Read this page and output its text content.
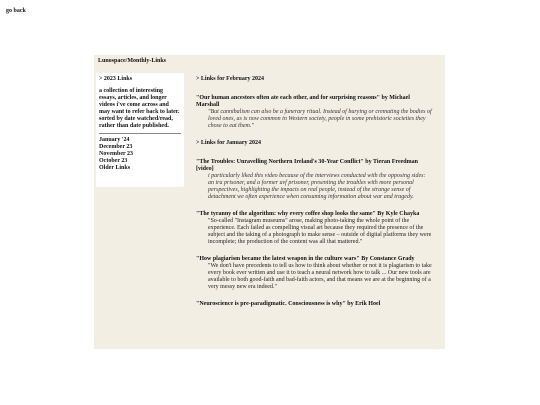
go back
Lunospace/Monthly-Links
> 2023 Links
a collection of interesting essays, articles, and longer videos i've come across and may want to refer back to later. sorted by date watched/read, rather than date published.
January '24
December 23
November 23
October 23
Older Links
> Links for February 2024
"Our human ancestors often ate each other, and for surprising reasons" by Michael Marshall
"But cannibalism can also be a funerary ritual. Instead of burying or cremating the bodies of loved ones, as is now common in Western society, people in some prehistoric societies they chose to eat them."
> Links for January 2024
"The Troubles: Unravelling Northern Ireland's 30-Year Conflict" by Tieran Freedman [video]
i particularly liked this video because of the interviews conducted with the opposing sides: an ira prisoner, and a former uvf prisoner, presenting the troubles with more personal perspectives, highlighting the impacts on real people, instead of the strange sense of detachment we often experience when consuming information about war and tragedy.
"The tyranny of the algorithm: why every coffee shop looks the same" By Kyle Chayka
"So-called "Instagram museums" arose, making photo-taking the whole point of the experience. Each failed as compelling visual art because they required the presence of the subject and the taking of a photograph to make sense – outside of digital platforms they were incomplete; the production of the content was all that mattered."
"How plagiarism became the latest weapon in the culture wars" By Constance Grady
"We don't have precedents to tell us how to think about whether or not it is plagiarism to take every book ever written and use it to teach a neural network how to talk ... Our new tools are available to both good-faith and bad-faith actors, and that means we are at the beginning of a very messy new era indeed."
"Neuroscience is pre-paradigmatic. Consciousness is why" by Erik Hoel
